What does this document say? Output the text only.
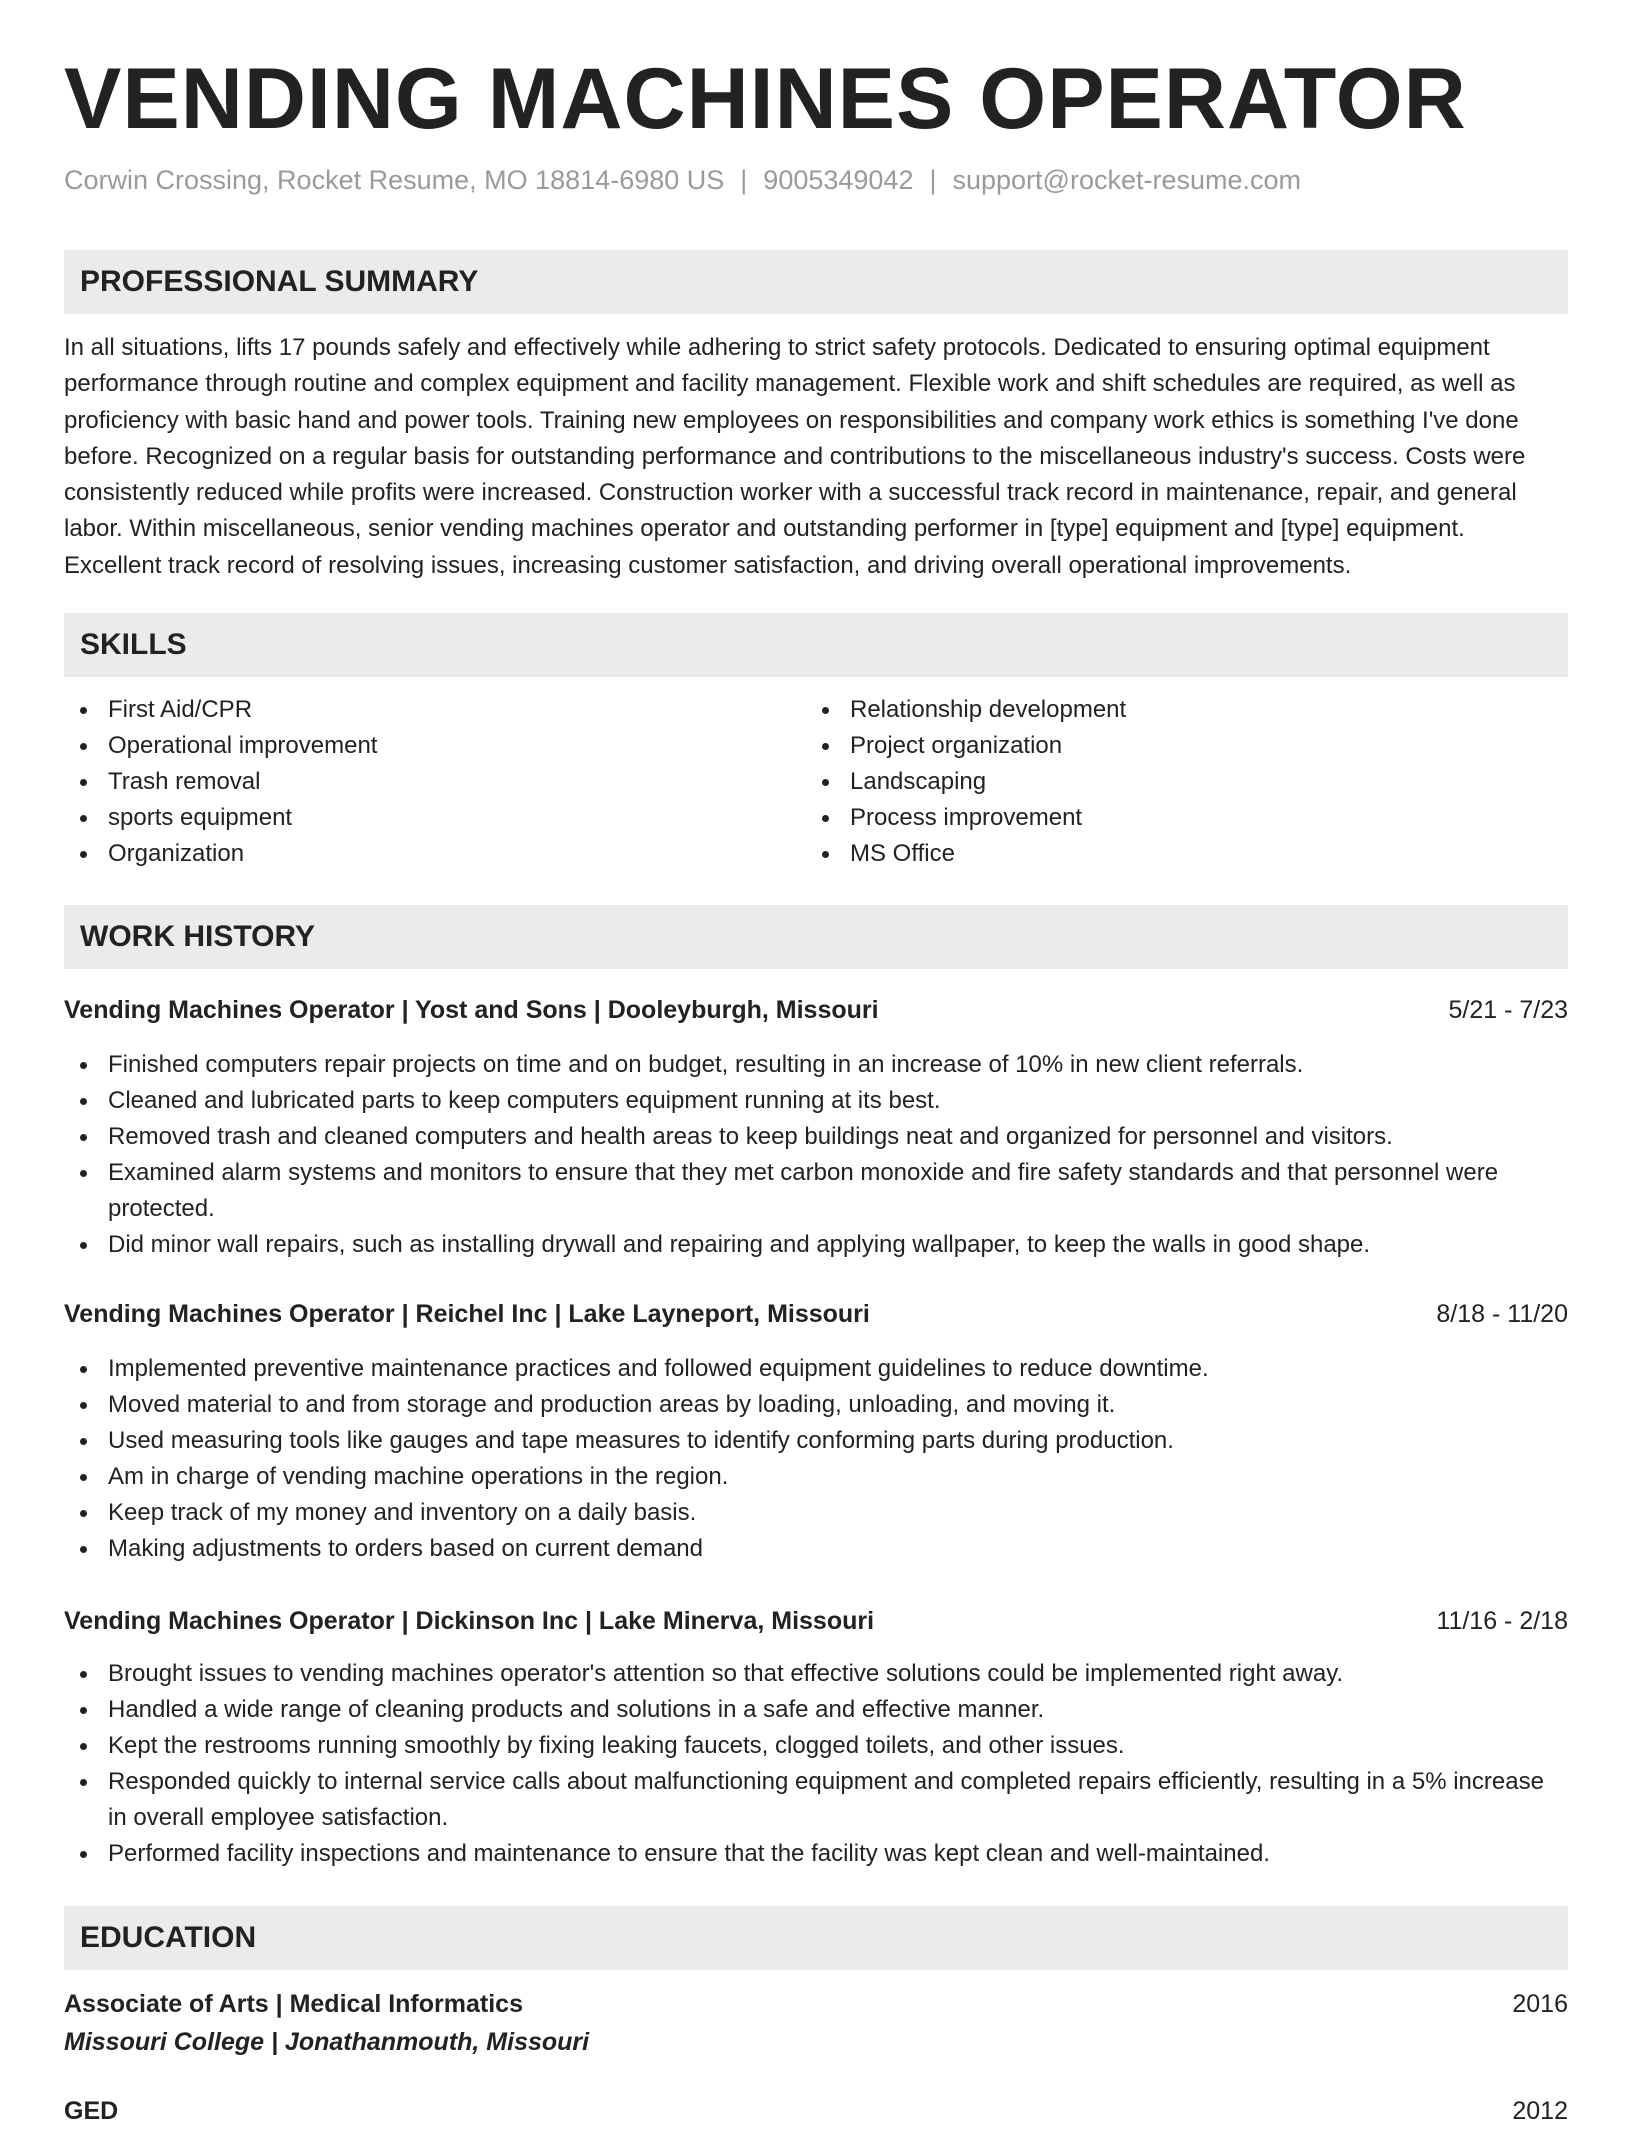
VENDING MACHINES OPERATOR
Corwin Crossing, Rocket Resume, MO 18814-6980 US | 9005349042 | support@rocket-resume.com
PROFESSIONAL SUMMARY

In all situations, lifts 17 pounds safely and effectively while adhering to strict safety protocols. Dedicated to ensuring optimal equipment performance through routine and complex equipment and facility management. Flexible work and shift schedules are required, as well as proficiency with basic hand and power tools. Training new employees on responsibilities and company work ethics is something I've done before. Recognized on a regular basis for outstanding performance and contributions to the miscellaneous industry's success. Costs were consistently reduced while profits were increased. Construction worker with a successful track record in maintenance, repair, and general labor. Within miscellaneous, senior vending machines operator and outstanding performer in [type] equipment and [type] equipment. Excellent track record of resolving issues, increasing customer satisfaction, and driving overall operational improvements.

SKILLS
First Aid/CPR
Operational improvement
Trash removal
sports equipment
Organization
Relationship development
Project organization
Landscaping
Process improvement
MS Office
WORK HISTORY
Vending Machines Operator | Yost and Sons | Dooleyburgh, Missouri	5/21 - 7/23
Finished computers repair projects on time and on budget, resulting in an increase of 10% in new client referrals.
Cleaned and lubricated parts to keep computers equipment running at its best.
Removed trash and cleaned computers and health areas to keep buildings neat and organized for personnel and visitors.
Examined alarm systems and monitors to ensure that they met carbon monoxide and fire safety standards and that personnel were protected.
Did minor wall repairs, such as installing drywall and repairing and applying wallpaper, to keep the walls in good shape.
Vending Machines Operator | Reichel Inc | Lake Layneport, Missouri	8/18 - 11/20
Implemented preventive maintenance practices and followed equipment guidelines to reduce downtime.
Moved material to and from storage and production areas by loading, unloading, and moving it.
Used measuring tools like gauges and tape measures to identify conforming parts during production.
Am in charge of vending machine operations in the region.
Keep track of my money and inventory on a daily basis.
Making adjustments to orders based on current demand
Vending Machines Operator | Dickinson Inc | Lake Minerva, Missouri	11/16 - 2/18
Brought issues to vending machines operator's attention so that effective solutions could be implemented right away.
Handled a wide range of cleaning products and solutions in a safe and effective manner.
Kept the restrooms running smoothly by fixing leaking faucets, clogged toilets, and other issues.
Responded quickly to internal service calls about malfunctioning equipment and completed repairs efficiently, resulting in a 5% increase in overall employee satisfaction.
Performed facility inspections and maintenance to ensure that the facility was kept clean and well-maintained.
EDUCATION
Associate of Arts | Medical Informatics	2016
Missouri College | Jonathanmouth, Missouri
GED	2012
